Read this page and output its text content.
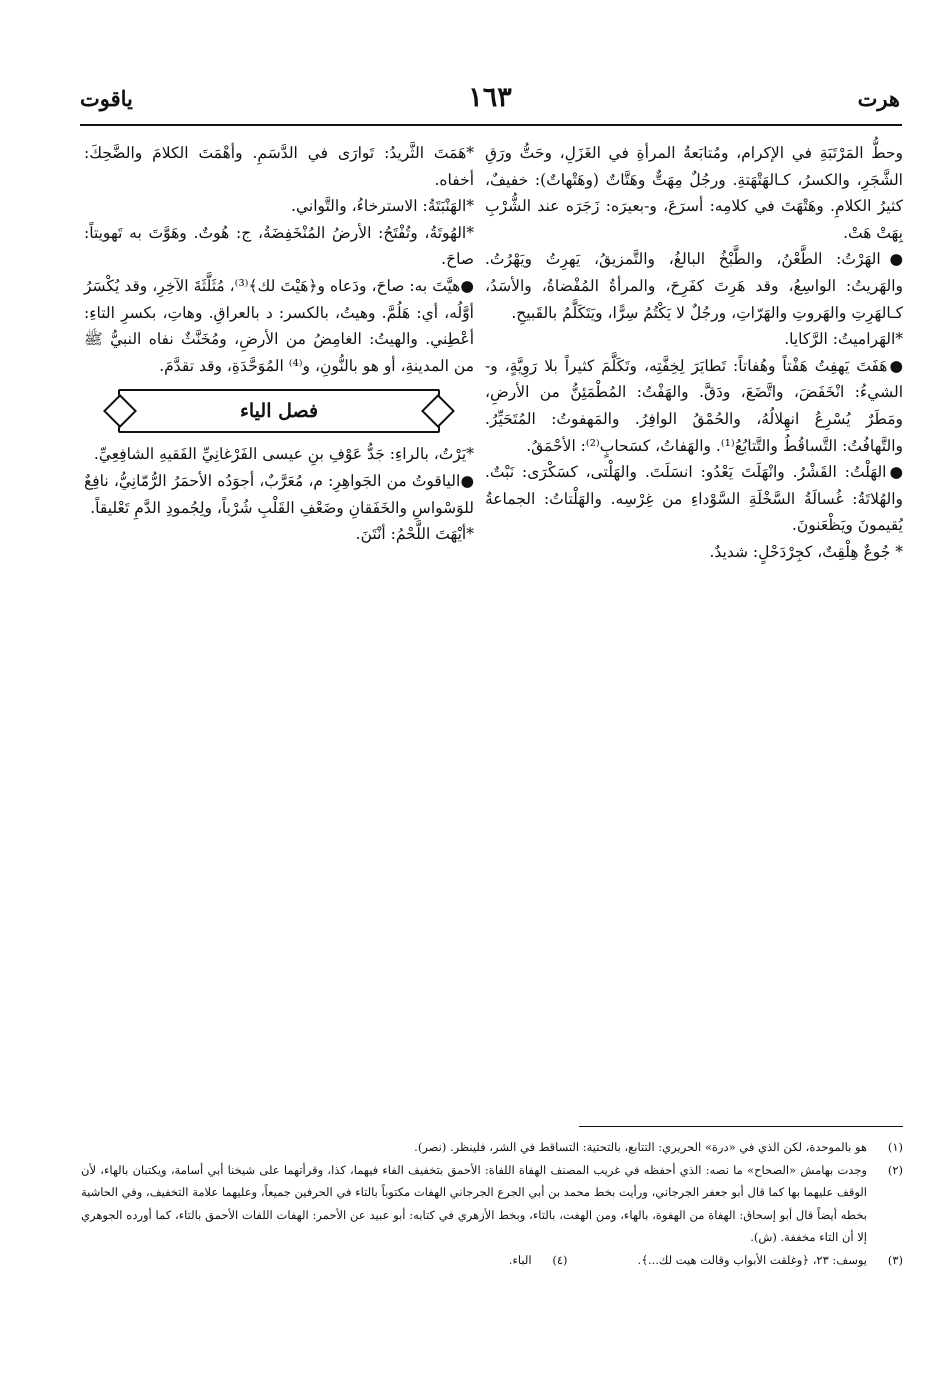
هرت
١٦٣
ياقوت

وحطُّ المَرْتَبَةِ في الإكرام، ومُتابَعةُ المرأةِ في الغَزَلِ، وحَتُّ ورَقِ الشَّجَرِ، والكسرُ، كـالهَتْهَتةِ. ورجُلٌ مِهَتٌّ وهَتَّاتٌ (وهَتْهاتٌ): خفيفٌ، كثيرُ الكلامِ. وهَتْهَتَ في كلامِه: أسرَعَ، و-بعيرَه: زَجَرَه عند الشُّرْبِ بِهَتْ هَتْ.

●الهَرْتُ: الطَّعْنُ، والطَّبْخُ البالغُ، والتَّمزيقُ، يَهرِتُ ويَهْرُتُ. والهَريتُ: الواسِعُ، وقد هَرِتَ كفَرِحَ، والمرأةُ المُفْضاةُ، والأسَدُ، كـالهَرِتِ والهَروتِ والهَرّاتِ، ورجُلٌ لا يَكْتُمُ سِرًّا، ويَتَكَلَّمُ بالقَبيحِ.

*الهَراميتُ: الرَّكايا.

●هَفَتَ يَهفِتُ هَفْتاً وهُفاتاً: تَطايَرَ لِخِفَّتِه، وتَكَلَّمَ كثيراً بلا رَوِيَّةٍ، و-الشيءُ: انْخَفَضَ، واتَّضَعَ، ودَقَّ. والهَفْتُ: المُطْمَئِنُّ من الأرضِ، ومَطَرٌ يُسْرِعُ انهِلالُهُ، والحُمْقُ الوافِرُ. والمَهفوتُ: المُتَحَيِّرُ. والتَّهافُتُ: التَّساقُطُ والتَّتابُعُ⁽¹⁾. والهَفاتُ، كسَحابٍ⁽²⁾: الأحْمَقُ.

●الهَلْتُ: القَشْرُ. وانْهَلَتَ يَعْدُو: انسَلَتَ. والهَلْتى، كسَكْرَى: نَبْتٌ. والهُلاتَةُ: غُسالَةُ السَّخْلَةِ السَّوْداءِ من غِرْسِه. والهَلْتاتُ: الجماعةُ يُقيمونَ ويَظْعَنونَ.

* جُوعٌ هِلْقِتٌ، كجِرْدَحْلٍ: شديدٌ.

*هَمَتَ الثَّريدُ: تَوارَى في الدَّسَمِ. وأهْمَتَ الكلامَ والضَّحِكَ: أخفاه.

*الهَنْبَتَةُ: الاسترخاءُ، والتَّواني.

*الهُوتَةُ، وتُفْتَحُ: الأرضُ المُنْخَفِضَةُ، ج: هُوتٌ. وهَوَّتَ به تَهويتاً: صاحَ.

●هيَّتَ به: صاحَ، ودَعاه و﴿هَيْتَ لك﴾⁽³⁾، مُثَلَّثَةَ الآخِرِ، وقد يُكْسَرُ أوَّلُه، أي: هَلُمَّ. وهيتُ، بالكسر: د بالعراقِ. وهاتِ، بكسرِ التاءِ: أعْطِني. والهيتُ: الغامِضُ من الأرضِ، ومُخَنَّثٌ نفاه النبيُّ ﷺ من المدينةِ، أو هو بالنُّونِ، و⁽⁴⁾ المُوَحَّدَةِ، وقد تقدَّمَ.

فصل الياء

*يَرْتُ، بالراءِ: جَدُّ عَوْفِ بنِ عيسى الفَرْغانِيِّ الفَقيهِ الشافِعِيِّ.

●الياقوتُ من الجَواهِرِ: م، مُعَرَّبٌ، أجوَدُه الأحمَرُ الرُّمّانِيُّ، نافِعٌ للوَسْواسِ والخَفَقانِ وضَعْفِ القَلْبِ شُرْباً، ولِجُمودِ الدَّمِ تَعْليقاً.

*أيْهَتَ اللَّحْمُ: أنْتَنَ.

(١)
هو بالموحدة، لكن الذي في «درة» الحريري: التتابع، بالتحتية: التساقط في الشر، فلينظر. (نصر).
(٢)
وجدت بهامش «الصحاح» ما نصه: الذي أحفظه في غريب المصنف الهفاة اللفاة: الأحمق بتخفيف الفاء فيهما، كذا، وقرأتهما على شيخنا أبي أسامة، ويكتبان بالهاء، لأن الوقف عليهما بها كما قال أبو جعفر الجرجاني، ورأيت بخط محمد بن أبي الجرع الجرجاني الهفات مكتوباً بالتاء في الحرفين جميعاً، وعليهما علامة التخفيف، وفي الحاشية بخطه أيضاً قال أبو إسحاق: الهفاة من الهفوة، بالهاء، ومن الهفت، بالتاء، وبخط الأزهري في كتابه: أبو عبيد عن الأحمر: الهفات اللفات الأحمق بالتاء، كما أورده الجوهري إلا أن التاء مخففة. (ش).
(٣)
يوسف: ٢٣، ﴿وغلقت الأبواب وقالت هيت لك...﴾.
(٤)
الباء.
